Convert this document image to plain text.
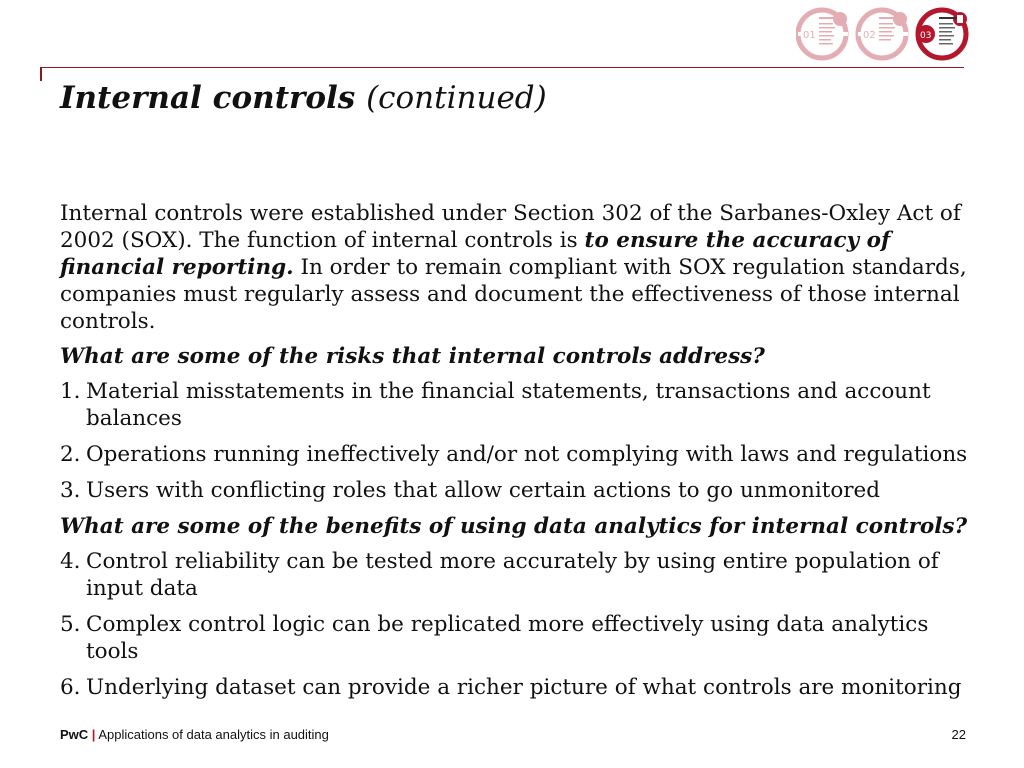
01	02	03
Internal controls (continued)

Internal controls were established under Section 302 of the Sarbanes-Oxley Act of 2002 (SOX). The function of internal controls is to ensure the accuracy of financial reporting. In order to remain compliant with SOX regulation standards, companies must regularly assess and document the effectiveness of those internal controls.

What are some of the risks that internal controls address?

1. Material misstatements in the financial statements, transactions and account balances
2. Operations running ineffectively and/or not complying with laws and regulations
3. Users with conflicting roles that allow certain actions to go unmonitored

What are some of the benefits of using data analytics for internal controls?

4. Control reliability can be tested more accurately by using entire population of input data
5. Complex control logic can be replicated more effectively using data analytics tools
6. Underlying dataset can provide a richer picture of what controls are monitoring
PwC | Applications of data analytics in auditing	22
